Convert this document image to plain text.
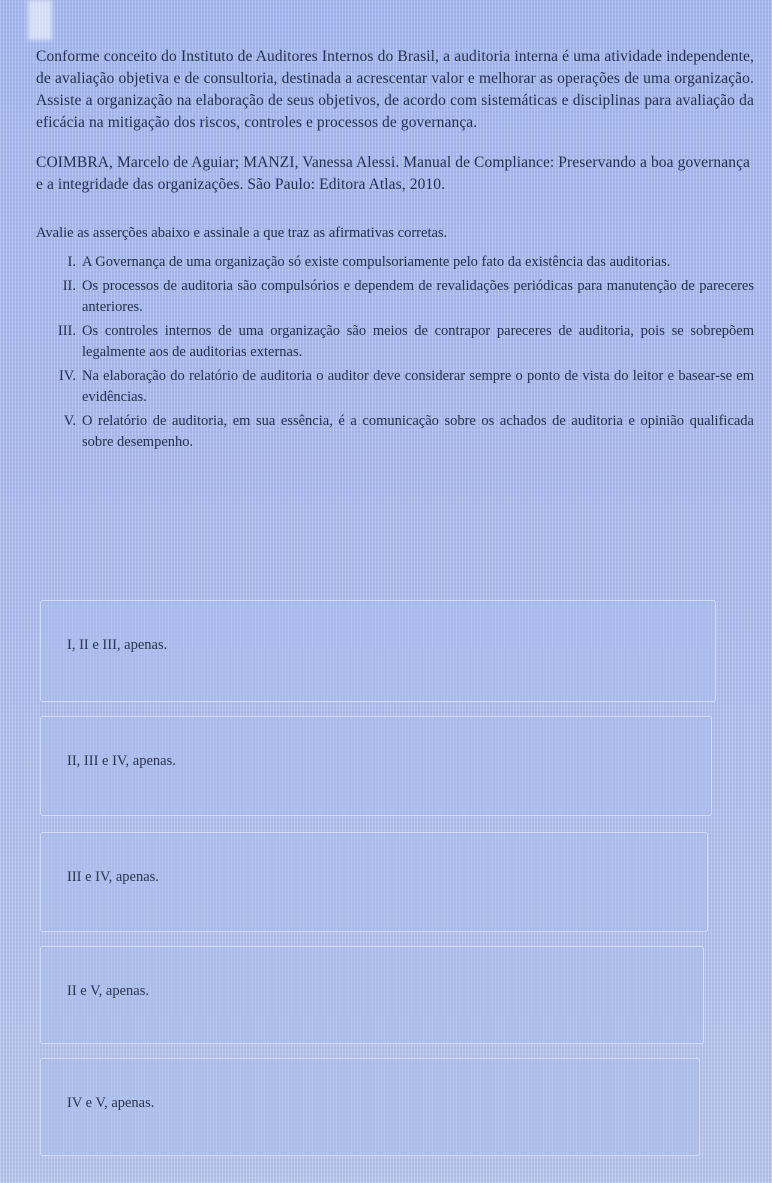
Conforme conceito do Instituto de Auditores Internos do Brasil, a auditoria interna é uma atividade independente, de avaliação objetiva e de consultoria, destinada a acrescentar valor e melhorar as operações de uma organização. Assiste a organização na elaboração de seus objetivos, de acordo com sistemáticas e disciplinas para avaliação da eficácia na mitigação dos riscos, controles e processos de governança.

COIMBRA, Marcelo de Aguiar; MANZI, Vanessa Alessi. Manual de Compliance: Preservando a boa governança e a integridade das organizações. São Paulo: Editora Atlas, 2010.

Avalie as asserções abaixo e assinale a que traz as afirmativas corretas.

I. A Governança de uma organização só existe compulsoriamente pelo fato da existência das auditorias.
II. Os processos de auditoria são compulsórios e dependem de revalidações periódicas para manutenção de pareceres anteriores.
III. Os controles internos de uma organização são meios de contrapor pareceres de auditoria, pois se sobrepõem legalmente aos de auditorias externas.
IV. Na elaboração do relatório de auditoria o auditor deve considerar sempre o ponto de vista do leitor e basear-se em evidências.
V. O relatório de auditoria, em sua essência, é a comunicação sobre os achados de auditoria e opinião qualificada sobre desempenho.
I, II e III, apenas.
II, III e IV, apenas.
III e IV, apenas.
II e V, apenas.
IV e V, apenas.
